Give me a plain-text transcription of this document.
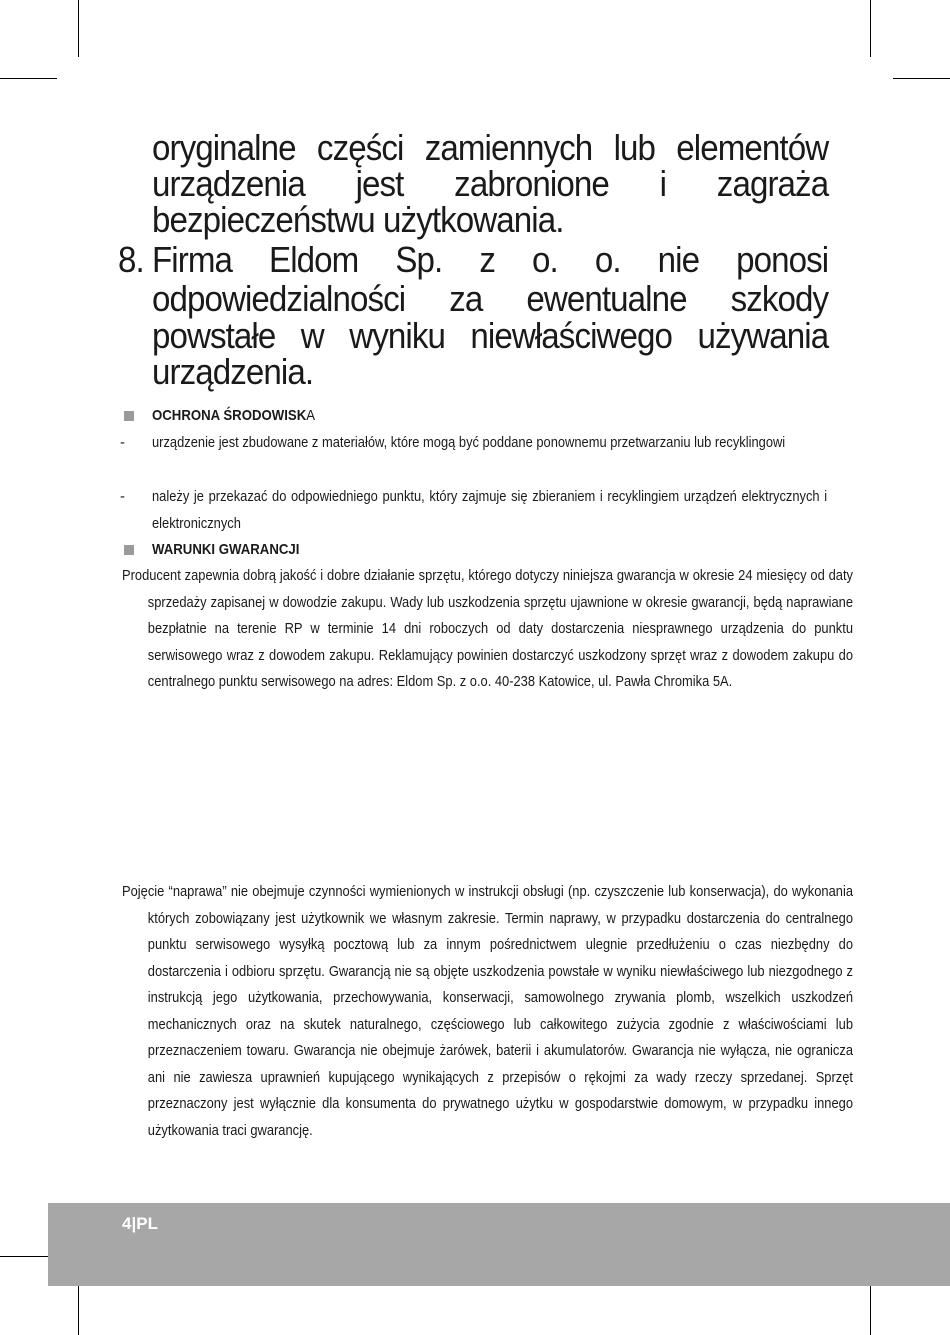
oryginalne części zamiennych lub elementów
urządzenia jest zabronione i zagraża
bezpieczeństwu użytkowania.
8. Firma Eldom Sp. z o. o. nie ponosi
odpowiedzialności za ewentualne szkody
powstałe w wyniku niewłaściwego używania
urządzenia.
OCHRONA ŚRODOWISKA
- urządzenie jest zbudowane z materiałów, które mogą być poddane ponownemu przetwarzaniu lub recyklingowi
- należy je przekazać do odpowiedniego punktu, który zajmuje się zbieraniem i recyklingiem urządzeń elektrycznych i elektronicznych
WARUNKI GWARANCJI
Producent zapewnia dobrą jakość i dobre działanie sprzętu, którego dotyczy niniejsza gwarancja w okresie 24 miesięcy od daty sprzedaży zapisanej w dowodzie zakupu. Wady lub uszkodzenia sprzętu ujawnione w okresie gwarancji, będą naprawiane bezpłatnie na terenie RP w terminie 14 dni roboczych od daty dostarczenia niesprawnego urządzenia do punktu serwisowego wraz z dowodem zakupu. Reklamujący powinien dostarczyć uszkodzony sprzęt wraz z dowodem zakupu do centralnego punktu serwisowego na adres: Eldom Sp. z o.o. 40-238 Katowice, ul. Pawła Chromika 5A.
Pojęcie “naprawa” nie obejmuje czynności wymienionych w instrukcji obsługi (np. czyszczenie lub konserwacja), do wykonania których zobowiązany jest użytkownik we własnym zakresie. Termin naprawy, w przypadku dostarczenia do centralnego punktu serwisowego wysyłką pocztową lub za innym pośrednictwem ulegnie przedłużeniu o czas niezbędny do dostarczenia i odbioru sprzętu. Gwarancją nie są objęte uszkodzenia powstałe w wyniku niewłaściwego lub niezgodnego z instrukcją jego użytkowania, przechowywania, konserwacji, samowolnego zrywania plomb, wszelkich uszkodzeń mechanicznych oraz na skutek naturalnego, częściowego lub całkowitego zużycia zgodnie z właściwościami lub przeznaczeniem towaru. Gwarancja nie obejmuje żarówek, baterii i akumulatorów. Gwarancja nie wyłącza, nie ogranicza ani nie zawiesza uprawnień kupującego wynikających z przepisów o rękojmi za wady rzeczy sprzedanej. Sprzęt przeznaczony jest wyłącznie dla konsumenta do prywatnego użytku w gospodarstwie domowym, w przypadku innego użytkowania traci gwarancję.
4|PL
